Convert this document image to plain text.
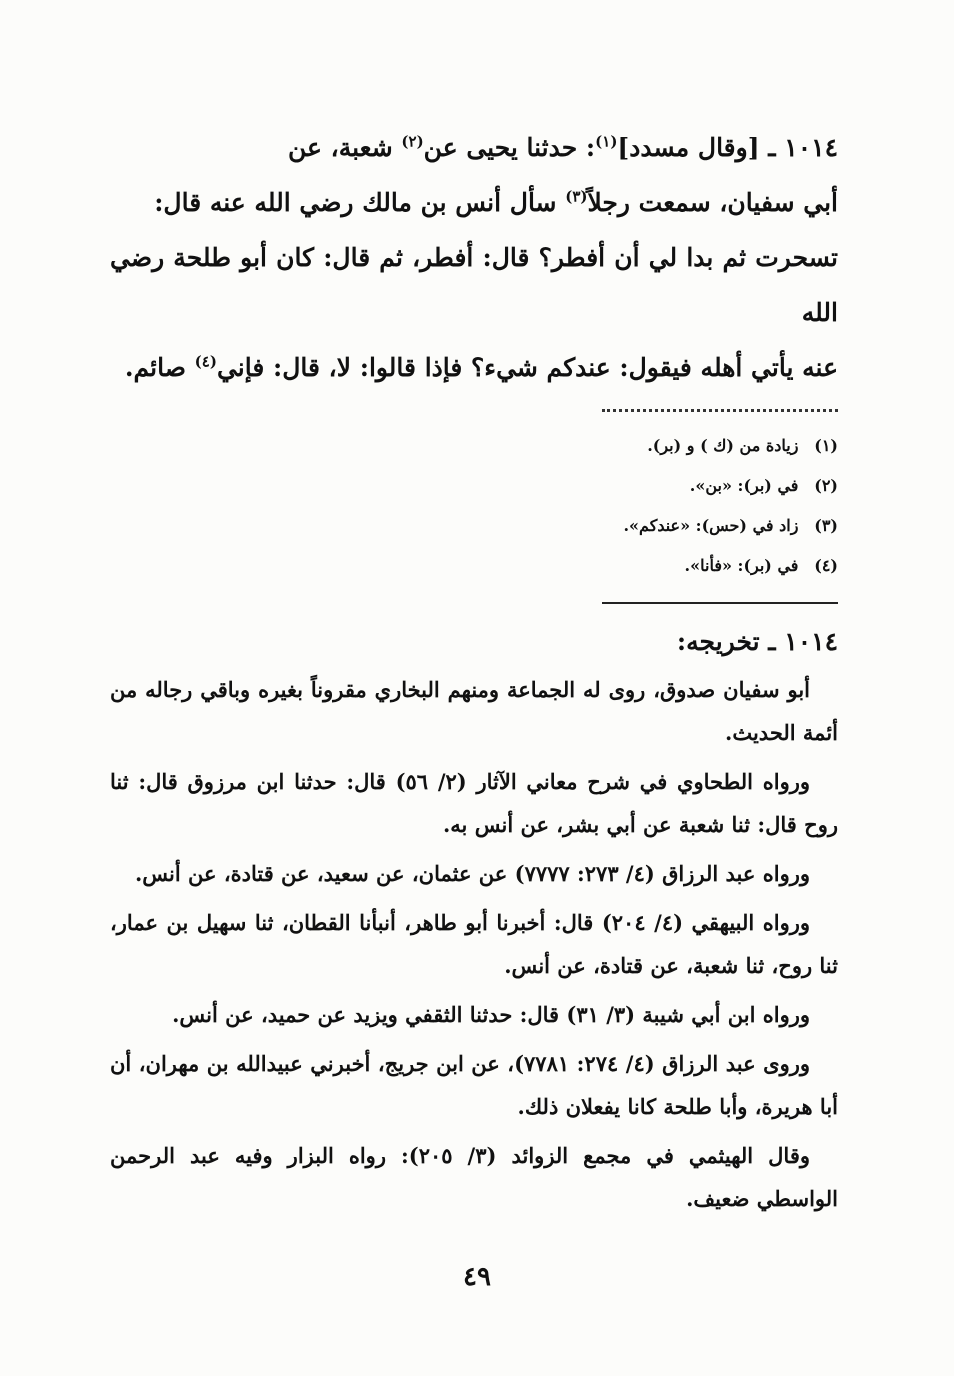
١٠١٤ ـ [وقال مسدد]$^{(١)}$: حدثنا يحيى عن$^{(٢)}$ شعبة، عن

أبي سفيان، سمعت رجلاً$^{(٣)}$ سأل أنس بن مالك رضي الله عنه قال:

تسحرت ثم بدا لي أن أفطر؟ قال: أفطر، ثم قال: كان أبو طلحة رضي الله

عنه يأتي أهله فيقول: عندكم شيء؟ فإذا قالوا: لا، قال: فإني$^{(٤)}$ صائم.

(١) زيادة من (ك ) و (بر).
(٢) في (بر): «بن».
(٣) زاد في (حس): «عندكم».
(٤) في (بر): «فأنا».
١٠١٤ ـ تخريجه:

أبو سفيان صدوق، روى له الجماعة ومنهم البخاري مقروناً بغيره وباقي رجاله من أئمة الحديث.

ورواه الطحاوي في شرح معاني الآثار (٢/ ٥٦) قال: حدثنا ابن مرزوق قال: ثنا روح قال: ثنا شعبة عن أبي بشر، عن أنس به.

ورواه عبد الرزاق (٤/ ٢٧٣: ٧٧٧٧) عن عثمان، عن سعيد، عن قتادة، عن أنس.

ورواه البيهقي (٤/ ٢٠٤) قال: أخبرنا أبو طاهر، أنبأنا القطان، ثنا سهيل بن عمار، ثنا روح، ثنا شعبة، عن قتادة، عن أنس.

ورواه ابن أبي شيبة (٣/ ٣١) قال: حدثنا الثقفي ويزيد عن حميد، عن أنس.

وروى عبد الرزاق (٤/ ٢٧٤: ٧٧٨١)، عن ابن جريج، أخبرني عبيدالله بن مهران، أن أبا هريرة، وأبا طلحة كانا يفعلان ذلك.

وقال الهيثمي في مجمع الزوائد (٣/ ٢٠٥): رواه البزار وفيه عبد الرحمن الواسطي ضعيف.

٤٩
